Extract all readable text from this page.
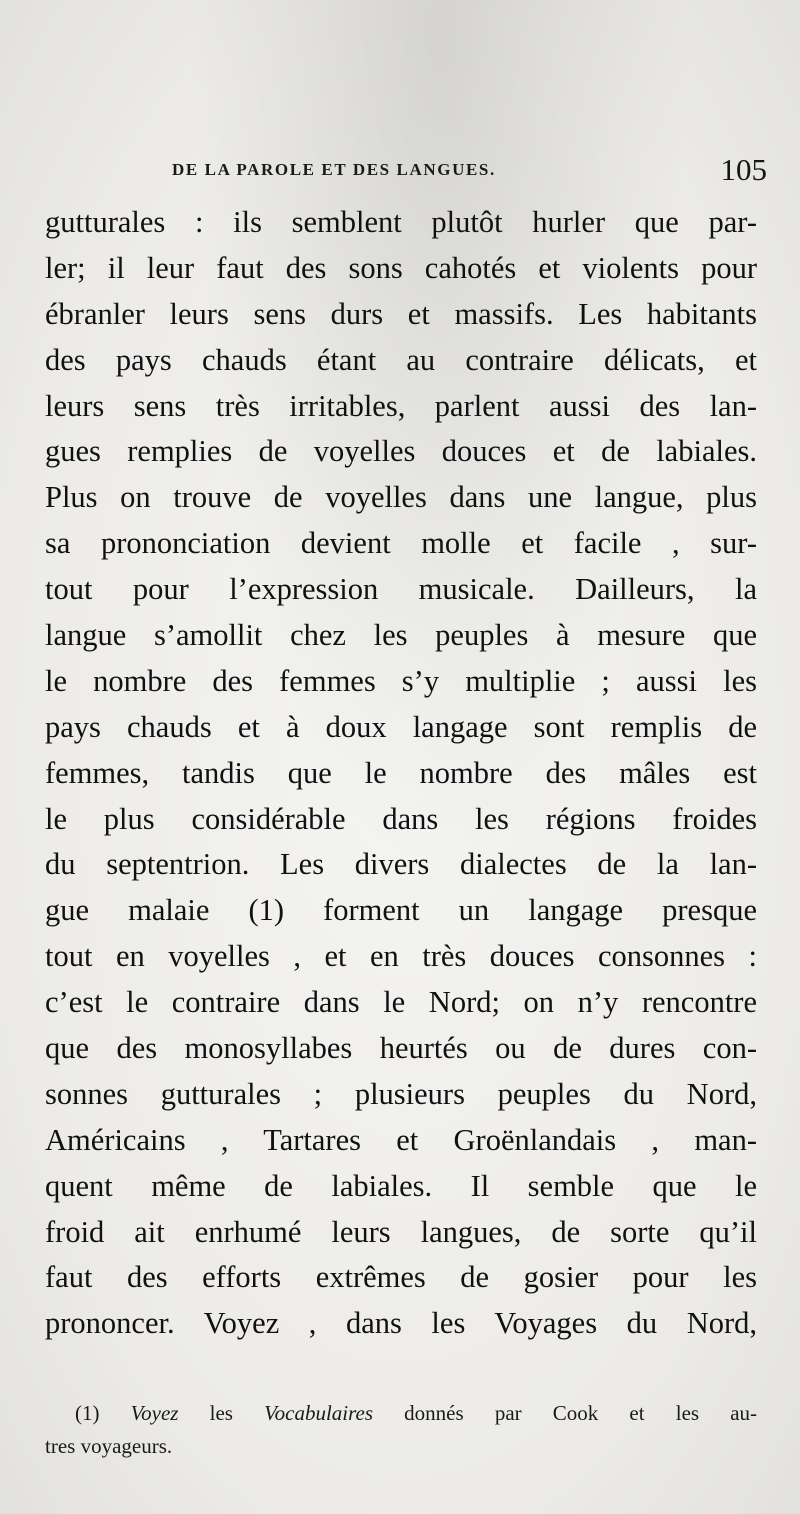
DE LA PAROLE ET DES LANGUES.	105
gutturales : ils semblent plutôt hurler que par-
ler; il leur faut des sons cahotés et violents pour
ébranler leurs sens durs et massifs. Les habitants
des pays chauds étant au contraire délicats, et
leurs sens très irritables, parlent aussi des lan-
gues remplies de voyelles douces et de labiales.
Plus on trouve de voyelles dans une langue, plus
sa prononciation devient molle et facile , sur-
tout pour l’expression musicale. Dailleurs, la
langue s’amollit chez les peuples à mesure que
le nombre des femmes s’y multiplie ; aussi les
pays chauds et à doux langage sont remplis de
femmes, tandis que le nombre des mâles est
le plus considérable dans les régions froides
du septentrion. Les divers dialectes de la lan-
gue malaie (1) forment un langage presque
tout en voyelles , et en très douces consonnes :
c’est le contraire dans le Nord; on n’y rencontre
que des monosyllabes heurtés ou de dures con-
sonnes gutturales ; plusieurs peuples du Nord,
Américains , Tartares et Groënlandais , man-
quent même de labiales. Il semble que le
froid ait enrhumé leurs langues, de sorte qu’il
faut des efforts extrêmes de gosier pour les
prononcer. Voyez , dans les Voyages du Nord,
(1) Voyez les Vocabulaires donnés par Cook et les au-
tres voyageurs.
